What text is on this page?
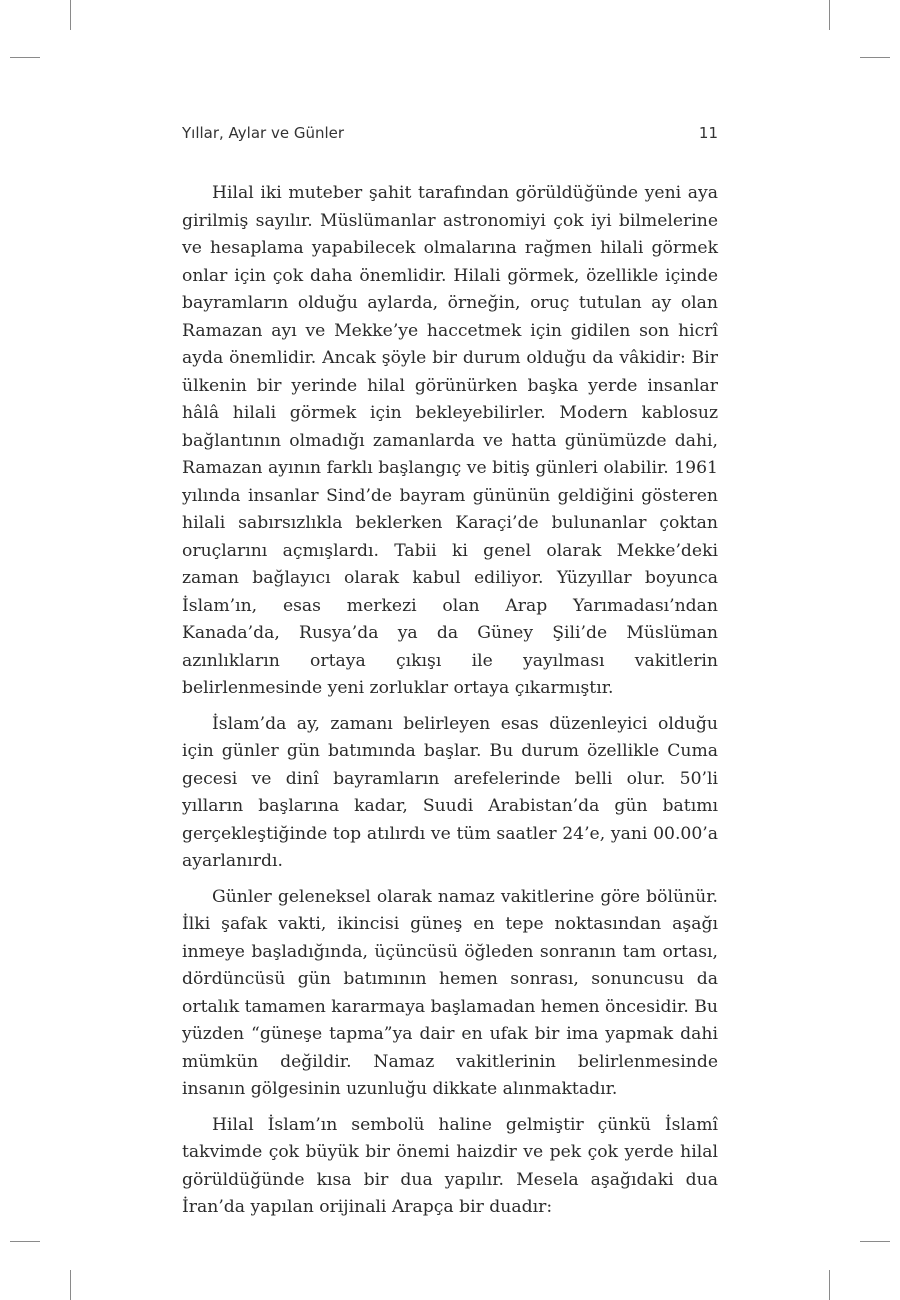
Yıllar, Aylar ve Günler	11

Hilal iki muteber şahit tarafından görüldüğünde yeni aya girilmiş sayılır. Müslümanlar astronomiyi çok iyi bilmelerine ve hesaplama yapabilecek olmalarına rağmen hilali görmek onlar için çok daha önemlidir. Hilali görmek, özellikle içinde bayramların olduğu aylarda, örneğin, oruç tutulan ay olan Ramazan ayı ve Mekke’ye haccetmek için gidilen son hicrî ayda önemlidir. Ancak şöyle bir durum olduğu da vâkidir: Bir ülkenin bir yerinde hilal görünürken başka yerde insanlar hâlâ hilali görmek için bekleyebilirler. Modern kablosuz bağlantının olmadığı zamanlarda ve hatta günümüzde dahi, Ramazan ayının farklı başlangıç ve bitiş günleri olabilir. 1961 yılında insanlar Sind’de bayram gününün geldiğini gösteren hilali sabırsızlıkla beklerken Karaçi’de bulunanlar çoktan oruçlarını açmışlardı. Tabii ki genel olarak Mekke’deki zaman bağlayıcı olarak kabul ediliyor. Yüzyıllar boyunca İslam’ın, esas merkezi olan Arap Yarımadası’ndan Kanada’da, Rusya’da ya da Güney Şili’de Müslüman azınlıkların ortaya çıkışı ile yayılması vakitlerin belirlenmesinde yeni zorluklar ortaya çıkarmıştır.

İslam’da ay, zamanı belirleyen esas düzenleyici olduğu için günler gün batımında başlar. Bu durum özellikle Cuma gecesi ve dinî bayramların arefelerinde belli olur. 50’li yılların başlarına kadar, Suudi Arabistan’da gün batımı gerçekleştiğinde top atılırdı ve tüm saatler 24’e, yani 00.00’a ayarlanırdı.

Günler geleneksel olarak namaz vakitlerine göre bölünür. İlki şafak vakti, ikincisi güneş en tepe noktasından aşağı inmeye başladığında, üçüncüsü öğleden sonranın tam ortası, dördüncüsü gün batımının hemen sonrası, sonuncusu da ortalık tamamen kararmaya başlamadan hemen öncesidir. Bu yüzden “güneşe tapma”ya dair en ufak bir ima yapmak dahi mümkün değildir. Namaz vakitlerinin belirlenmesinde insanın gölgesinin uzunluğu dikkate alınmaktadır.

Hilal İslam’ın sembolü haline gelmiştir çünkü İslamî takvimde çok büyük bir önemi haizdir ve pek çok yerde hilal görüldüğünde kısa bir dua yapılır. Mesela aşağıdaki dua İran’da yapılan orijinali Arapça bir duadır:
